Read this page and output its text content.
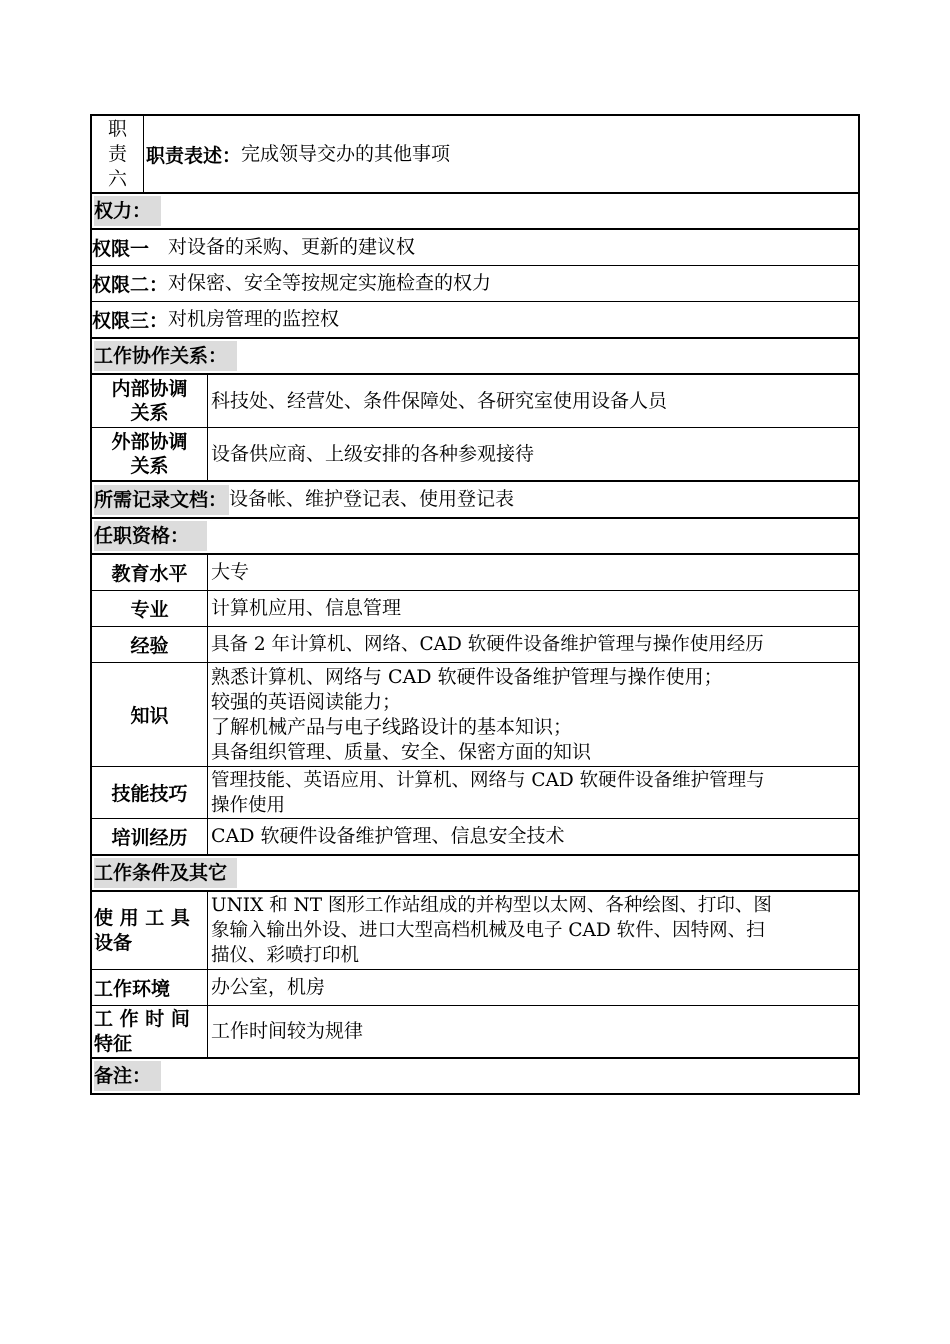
职
责
六
职责表述： 完成领导交办的其他事项
权力：
权限一 　对设备的采购、更新的建议权
权限二： 对保密、安全等按规定实施检查的权力
权限三： 对机房管理的监控权
工作协作关系：
内部协调
关系
科技处、经营处、条件保障处、各研究室使用设备人员
外部协调
关系
设备供应商、上级安排的各种参观接待
所需记录文档： 设备帐、维护登记表、使用登记表
任职资格：
教育水平 大专
专业 计算机应用、信息管理
经验 具备 2 年计算机、网络、CAD 软硬件设备维护管理与操作使用经历
知识
熟悉计算机、网络与 CAD 软硬件设备维护管理与操作使用；
较强的英语阅读能力；
了解机械产品与电子线路设计的基本知识；
具备组织管理、质量、安全、保密方面的知识
技能技巧
管理技能、英语应用、计算机、网络与 CAD 软硬件设备维护管理与
操作使用
培训经历 CAD 软硬件设备维护管理、信息安全技术
工作条件及其它
使 用 工 具
设备
UNIX 和 NT 图形工作站组成的并构型以太网、各种绘图、打印、图
象输入输出外设、进口大型高档机械及电子 CAD 软件、因特网、扫
描仪、彩喷打印机
工作环境 办公室，机房
工 作 时 间
特征
工作时间较为规律
备注：
